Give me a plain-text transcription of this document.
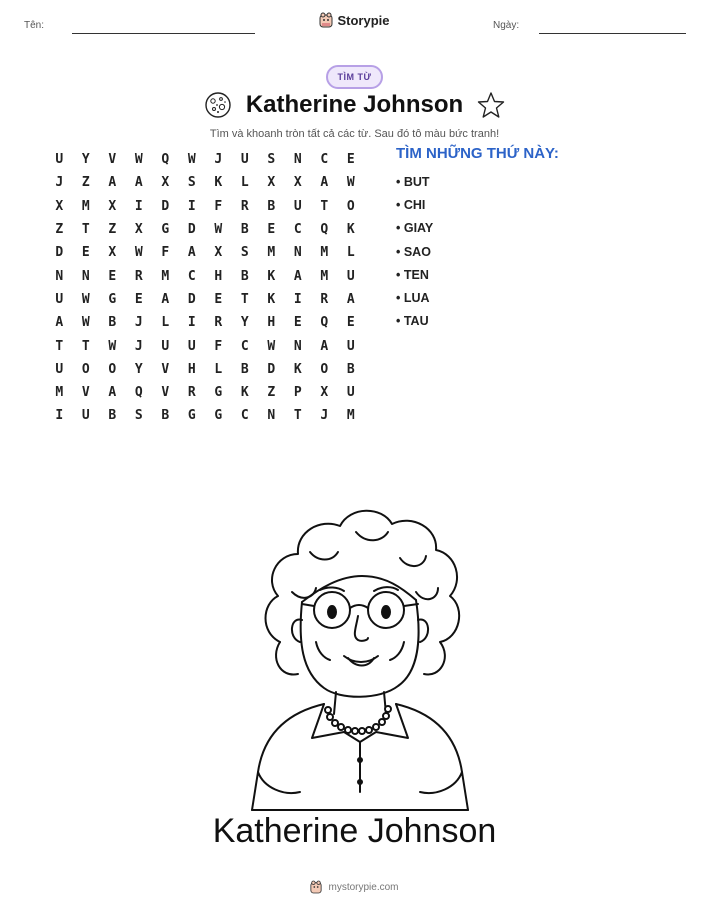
Tên:	Storypie	Ngày:
TÌM TỪ
Katherine Johnson
Tìm và khoanh tròn tất cả các từ. Sau đó tô màu bức tranh!
U	Y	V	W	Q	W	J	U	S	N	C	E
J	Z	A	A	X	S	K	L	X	X	A	W
X	M	X	I	D	I	F	R	B	U	T	O
Z	T	Z	X	G	D	W	B	E	C	Q	K
D	E	X	W	F	A	X	S	M	N	M	L
N	N	E	R	M	C	H	B	K	A	M	U
U	W	G	E	A	D	E	T	K	I	R	A
A	W	B	J	L	I	R	Y	H	E	Q	E
T	T	W	J	U	U	F	C	W	N	A	U
U	O	O	Y	V	H	L	B	D	K	O	B
M	V	A	Q	V	R	G	K	Z	P	X	U
I	U	B	S	B	G	G	C	N	T	J	M
TÌM NHỮNG THỨ NÀY:
• BUT
• CHI
• GIAY
• SAO
• TEN
• LUA
• TAU
Katherine Johnson
mystorypie.com
